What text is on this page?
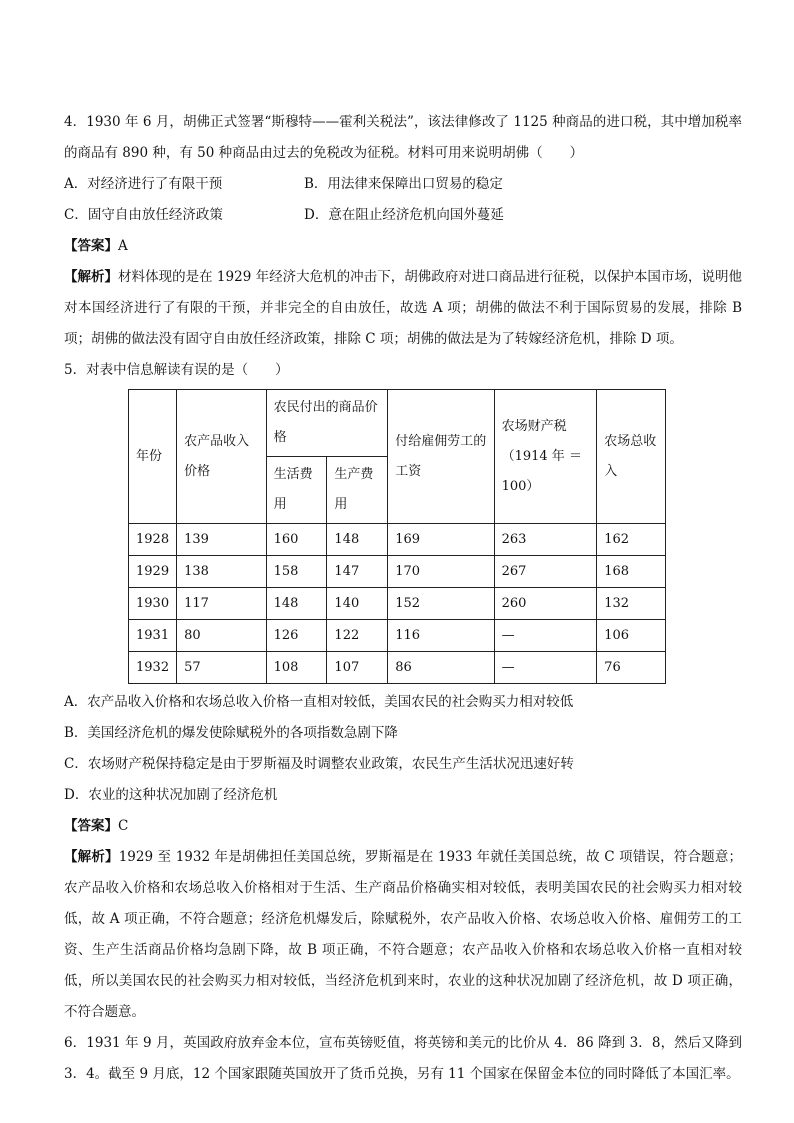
4．1930 年 6 月，胡佛正式签署“斯穆特——霍利关税法”，该法律修改了 1125 种商品的进口税，其中增加税率的商品有 890 种，有 50 种商品由过去的免税改为征税。材料可用来说明胡佛（　　）

A．对经济进行了有限干预	B．用法律来保障出口贸易的稳定
C．固守自由放任经济政策	D．意在阻止经济危机向国外蔓延

【答案】A

【解析】材料体现的是在 1929 年经济大危机的冲击下，胡佛政府对进口商品进行征税，以保护本国市场，说明他对本国经济进行了有限的干预，并非完全的自由放任，故选 A 项；胡佛的做法不利于国际贸易的发展，排除 B 项；胡佛的做法没有固守自由放任经济政策，排除 C 项；胡佛的做法是为了转嫁经济危机，排除 D 项。

5．对表中信息解读有误的是（　　）

年份	农产品收入价格	农民付出的商品价格		付给雇佣劳工的工资	农场财产税（1914 年 ＝ 100）	农场总收入
		生活费用	生产费用			
1928	139	160	148	169	263	162
1929	138	158	147	170	267	168
1930	117	148	140	152	260	132
1931	80	126	122	116	—	106
1932	57	108	107	86	—	76

A．农产品收入价格和农场总收入价格一直相对较低，美国农民的社会购买力相对较低

B．美国经济危机的爆发使除赋税外的各项指数急剧下降

C．农场财产税保持稳定是由于罗斯福及时调整农业政策，农民生产生活状况迅速好转

D．农业的这种状况加剧了经济危机

【答案】C

【解析】1929 至 1932 年是胡佛担任美国总统，罗斯福是在 1933 年就任美国总统，故 C 项错误，符合题意；农产品收入价格和农场总收入价格相对于生活、生产商品价格确实相对较低，表明美国农民的社会购买力相对较低，故 A 项正确，不符合题意；经济危机爆发后，除赋税外，农产品收入价格、农场总收入价格、雇佣劳工的工资、生产生活商品价格均急剧下降，故 B 项正确，不符合题意；农产品收入价格和农场总收入价格一直相对较低，所以美国农民的社会购买力相对较低，当经济危机到来时，农业的这种状况加剧了经济危机，故 D 项正确，不符合题意。

6．1931 年 9 月，英国政府放弃金本位，宣布英镑贬值，将英镑和美元的比价从 4．86 降到 3．8，然后又降到 3．4。截至 9 月底，12 个国家跟随英国放开了货币兑换，另有 11 个国家在保留金本位的同时降低了本国汇率。
